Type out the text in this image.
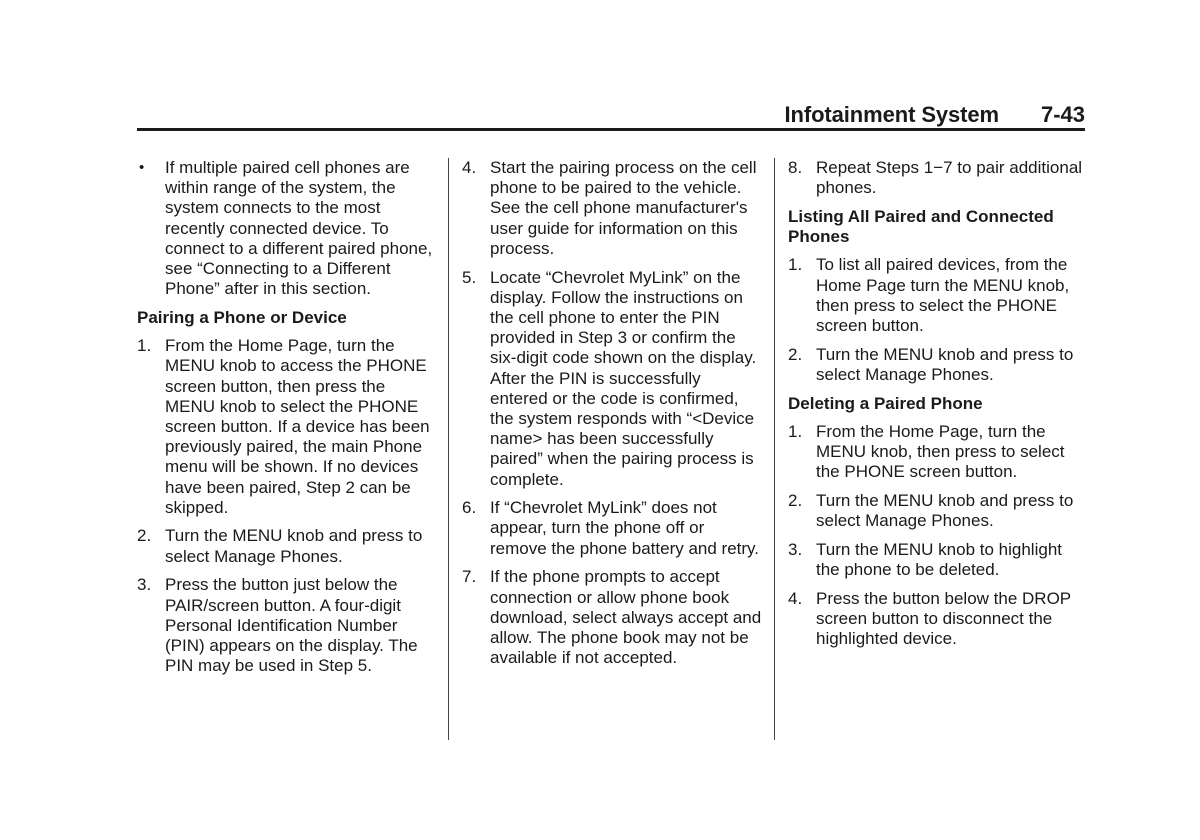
Infotainment System 7-43
• If multiple paired cell phones are within range of the system, the system connects to the most recently connected device. To connect to a different paired phone, see “Connecting to a Different Phone” after in this section.
Pairing a Phone or Device
1. From the Home Page, turn the MENU knob to access the PHONE screen button, then press the MENU knob to select the PHONE screen button. If a device has been previously paired, the main Phone menu will be shown. If no devices have been paired, Step 2 can be skipped.
2. Turn the MENU knob and press to select Manage Phones.
3. Press the button just below the PAIR/screen button. A four-digit Personal Identification Number (PIN) appears on the display. The PIN may be used in Step 5.
4. Start the pairing process on the cell phone to be paired to the vehicle. See the cell phone manufacturer's user guide for information on this process.
5. Locate “Chevrolet MyLink” on the display. Follow the instructions on the cell phone to enter the PIN provided in Step 3 or confirm the six-digit code shown on the display. After the PIN is successfully entered or the code is confirmed, the system responds with “<Device name> has been successfully paired” when the pairing process is complete.
6. If “Chevrolet MyLink” does not appear, turn the phone off or remove the phone battery and retry.
7. If the phone prompts to accept connection or allow phone book download, select always accept and allow. The phone book may not be available if not accepted.
8. Repeat Steps 1−7 to pair additional phones.
Listing All Paired and Connected Phones
1. To list all paired devices, from the Home Page turn the MENU knob, then press to select the PHONE screen button.
2. Turn the MENU knob and press to select Manage Phones.
Deleting a Paired Phone
1. From the Home Page, turn the MENU knob, then press to select the PHONE screen button.
2. Turn the MENU knob and press to select Manage Phones.
3. Turn the MENU knob to highlight the phone to be deleted.
4. Press the button below the DROP screen button to disconnect the highlighted device.
